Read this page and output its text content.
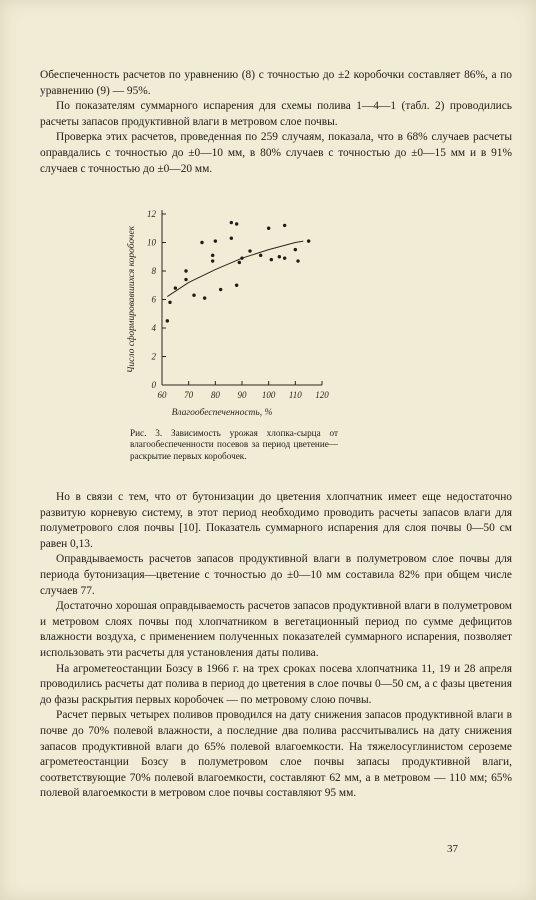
Обеспеченность расчетов по уравнению (8) с точностью до ±2 коробочки составляет 86%, а по уравнению (9) — 95%.

По показателям суммарного испарения для схемы полива 1—4—1 (табл. 2) проводились расчеты запасов продуктивной влаги в метровом слое почвы.

Проверка этих расчетов, проведенная по 259 случаям, показала, что в 68% случаев расчеты оправдались с точностью до ±0—10 мм, в 80% случаев с точностью до ±0—15 мм и в 91% случаев с точностью до ±0—20 мм.

0
2
4
6
8
10
12
60 70 80 90 100 110 120
Влагообеспеченность, %
Число сформировавшихся коробочек
Рис. 3. Зависимость урожая хлопка-сырца от влагообеспеченности посевов за период цветение—раскрытие первых коробочек.

Но в связи с тем, что от бутонизации до цветения хлопчатник имеет еще недостаточно развитую корневую систему, в этот период необходимо проводить расчеты запасов влаги для полуметрового слоя почвы [10]. Показатель суммарного испарения для слоя почвы 0—50 см равен 0,13.

Оправдываемость расчетов запасов продуктивной влаги в полуметровом слое почвы для периода бутонизация—цветение с точностью до ±0—10 мм составила 82% при общем числе случаев 77.

Достаточно хорошая оправдываемость расчетов запасов продуктивной влаги в полуметровом и метровом слоях почвы под хлопчатником в вегетационный период по сумме дефицитов влажности воздуха, с применением полученных показателей суммарного испарения, позволяет использовать эти расчеты для установления даты полива.

На агрометеостанции Бозсу в 1966 г. на трех сроках посева хлопчатника 11, 19 и 28 апреля проводились расчеты дат полива в период до цветения в слое почвы 0—50 см, а с фазы цветения до фазы раскрытия первых коробочек — по метровому слою почвы.

Расчет первых четырех поливов проводился на дату снижения запасов продуктивной влаги в почве до 70% полевой влажности, а последние два полива рассчитывались на дату снижения запасов продуктивной влаги до 65% полевой влагоемкости. На тяжелосуглинистом сероземе агрометеостанции Бозсу в полуметровом слое почвы запасы продуктивной влаги, соответствующие 70% полевой влагоемкости, составляют 62 мм, а в метровом — 110 мм; 65% полевой влагоемкости в метровом слое почвы составляют 95 мм.

37
